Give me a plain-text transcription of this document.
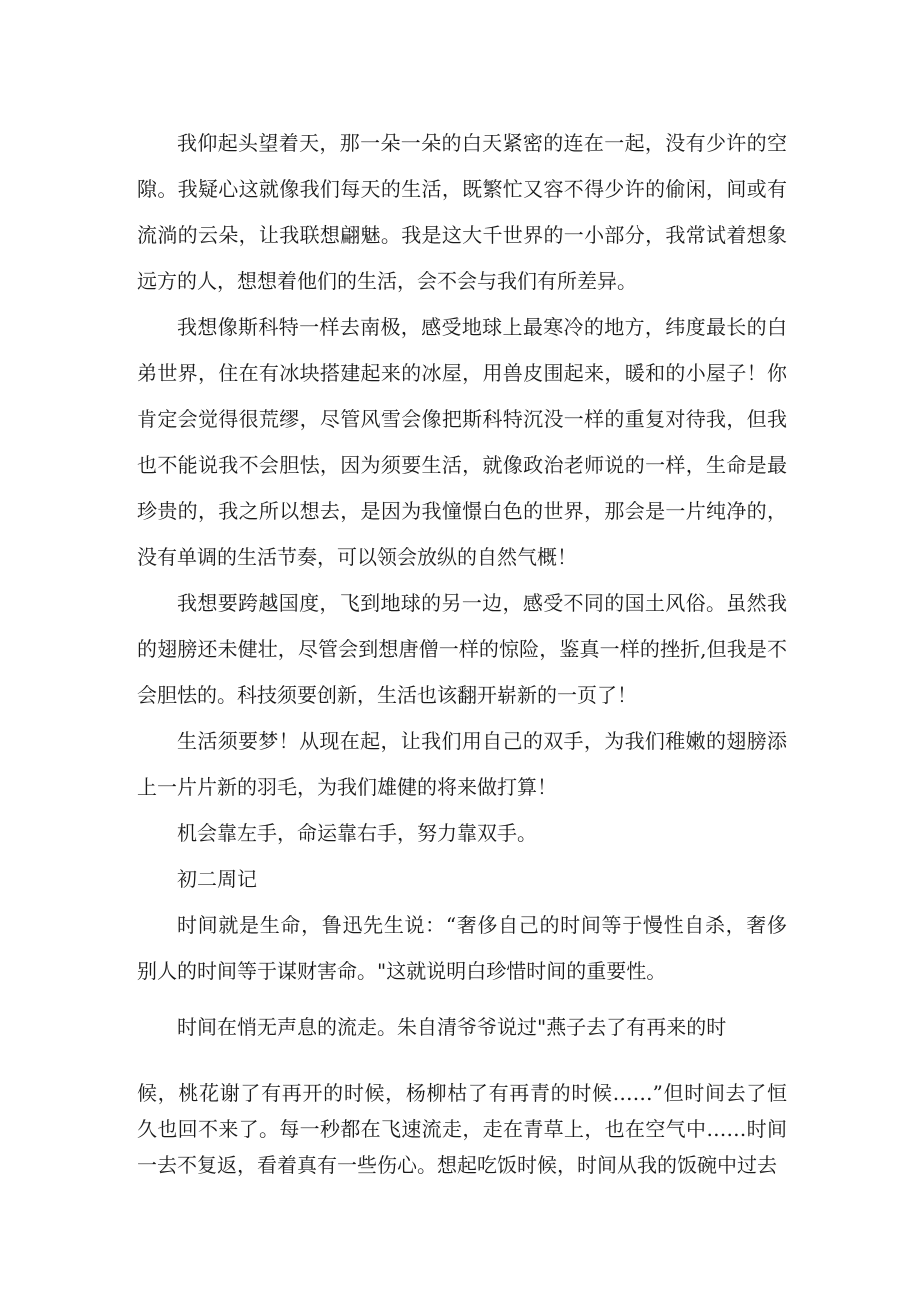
我仰起头望着天，那一朵一朵的白天紧密的连在一起，没有少许的空隙。我疑心这就像我们每天的生活，既繁忙又容不得少许的偷闲，间或有流淌的云朵，让我联想翩魅。我是这大千世界的一小部分，我常试着想象远方的人，想想着他们的生活，会不会与我们有所差异。

我想像斯科特一样去南极，感受地球上最寒冷的地方，纬度最长的白弟世界，住在有冰块搭建起来的冰屋，用兽皮围起来，暖和的小屋子！你肯定会觉得很荒缪，尽管风雪会像把斯科特沉没一样的重复对待我，但我也不能说我不会胆怯，因为须要生活，就像政治老师说的一样，生命是最珍贵的，我之所以想去，是因为我憧憬白色的世界，那会是一片纯净的，没有单调的生活节奏，可以领会放纵的自然气概！

我想要跨越国度，飞到地球的另一边，感受不同的国土风俗。虽然我的翅膀还未健壮，尽管会到想唐僧一样的惊险，鉴真一样的挫折,但我是不会胆怯的。科技须要创新，生活也该翻开崭新的一页了！

生活须要梦！从现在起，让我们用自己的双手，为我们稚嫩的翅膀添上一片片新的羽毛，为我们雄健的将来做打算！

机会靠左手，命运靠右手，努力靠双手。

初二周记

时间就是生命，鲁迅先生说：“奢侈自己的时间等于慢性自杀，奢侈别人的时间等于谋财害命。"这就说明白珍惜时间的重要性。

时间在悄无声息的流走。朱自清爷爷说过"燕子去了有再来的时

候，桃花谢了有再开的时候，杨柳枯了有再青的时候……”但时间去了恒久也回不来了。每一秒都在飞速流走，走在青草上，也在空气中……时间一去不复返，看着真有一些伤心。想起吃饭时候，时间从我的饭碗中过去
